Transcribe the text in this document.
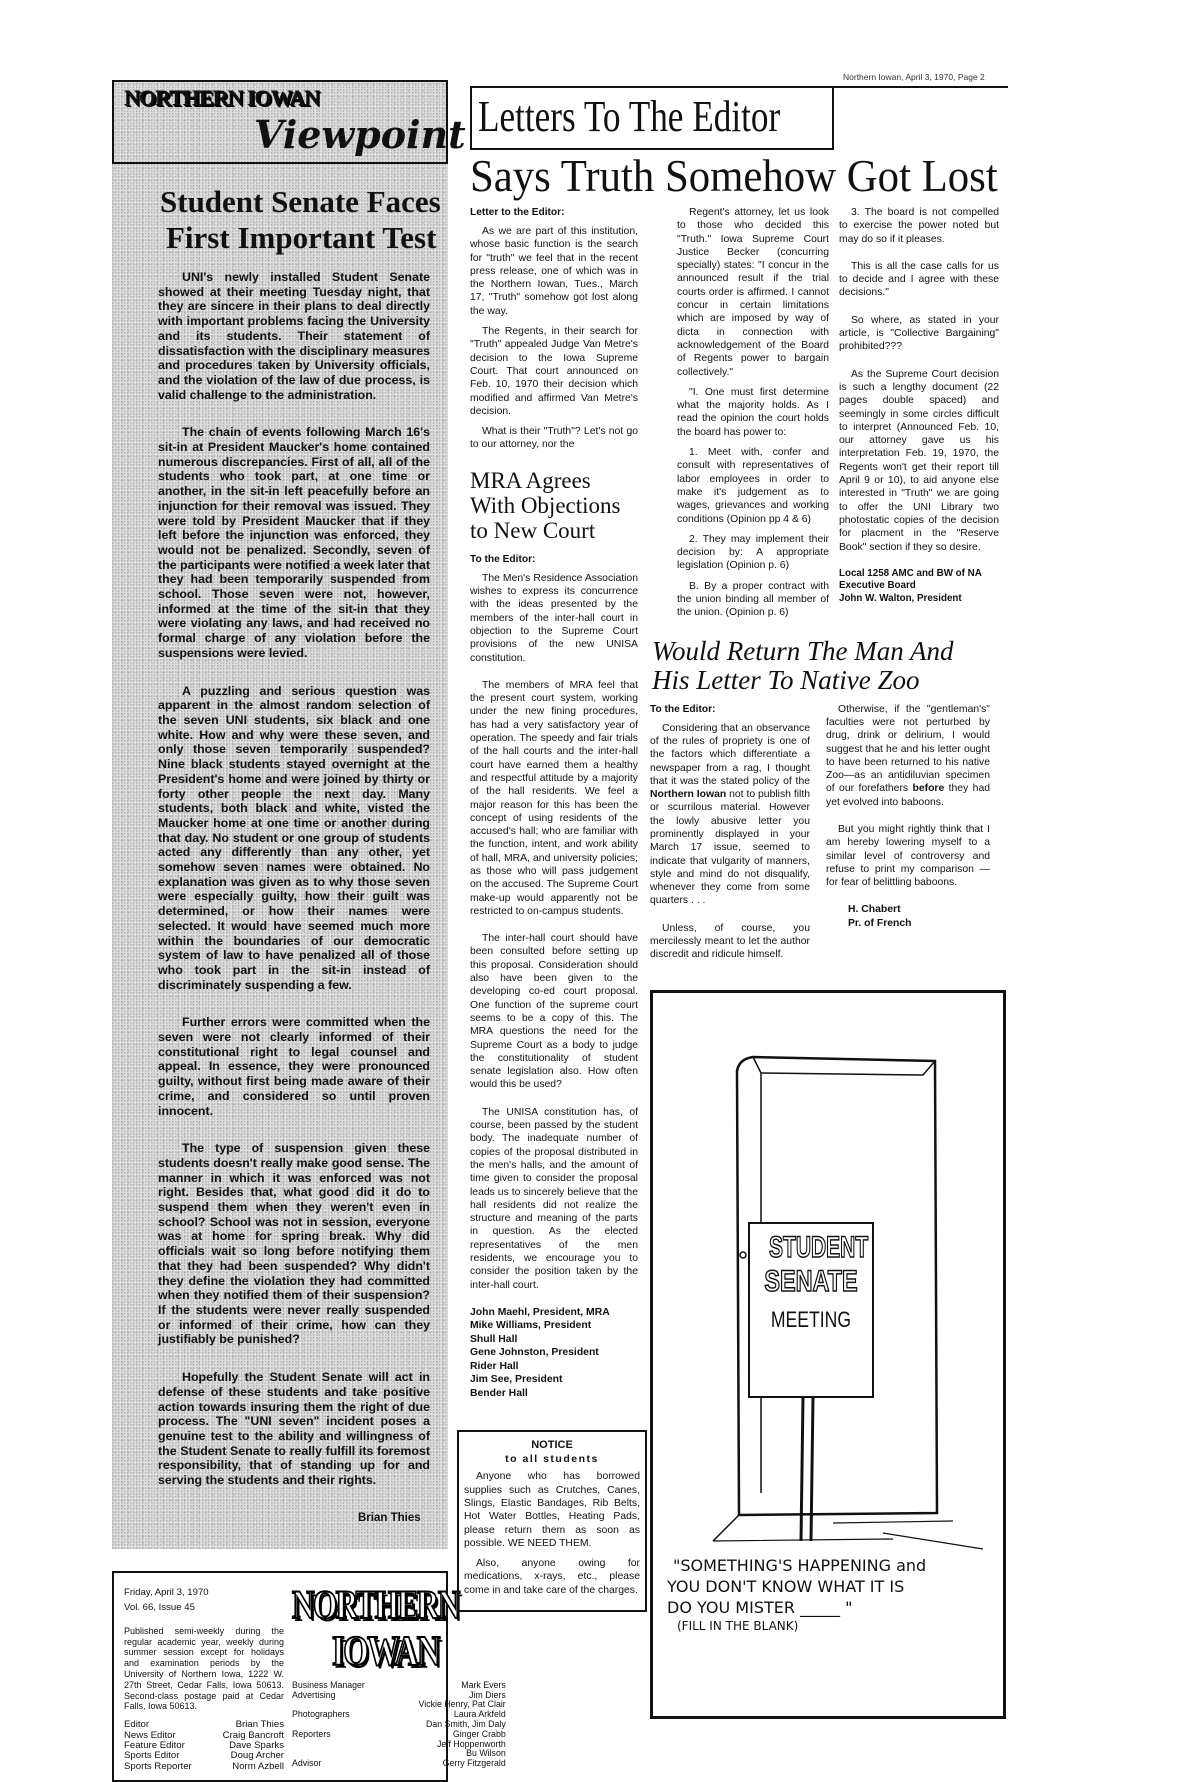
Northern Iowan, April 3, 1970, Page 2
NORTHERN IOWAN
Viewpoint
Student Senate Faces
First Important Test

UNI's newly installed Student Senate showed at their meeting Tuesday night, that they are sincere in their plans to deal directly with important problems facing the University and its students. Their statement of dissatisfaction with the disciplinary measures and procedures taken by University officials, and the violation of the law of due process, is valid challenge to the administration.

The chain of events following March 16's sit-in at President Maucker's home contained numerous discrepancies. First of all, all of the students who took part, at one time or another, in the sit-in left peacefully before an injunction for their removal was issued. They were told by President Maucker that if they left before the injunction was enforced, they would not be penalized. Secondly, seven of the participants were notified a week later that they had been temporarily suspended from school. Those seven were not, however, informed at the time of the sit-in that they were violating any laws, and had received no formal charge of any violation before the suspensions were levied.

A puzzling and serious question was apparent in the almost random selection of the seven UNI students, six black and one white. How and why were these seven, and only those seven temporarily suspended? Nine black students stayed overnight at the President's home and were joined by thirty or forty other people the next day. Many students, both black and white, visted the Maucker home at one time or another during that day. No student or one group of students acted any differently than any other, yet somehow seven names were obtained. No explanation was given as to why those seven were especially guilty, how their guilt was determined, or how their names were selected. It would have seemed much more within the boundaries of our democratic system of law to have penalized all of those who took part in the sit-in instead of discriminately suspending a few.

Further errors were committed when the seven were not clearly informed of their constitutional right to legal counsel and appeal. In essence, they were pronounced guilty, without first being made aware of their crime, and considered so until proven innocent.

The type of suspension given these students doesn't really make good sense. The manner in which it was enforced was not right. Besides that, what good did it do to suspend them when they weren't even in school? School was not in session, everyone was at home for spring break. Why did officials wait so long before notifying them that they had been suspended? Why didn't they define the violation they had committed when they notified them of their suspension? If the students were never really suspended or informed of their crime, how can they justifiably be punished?

Hopefully the Student Senate will act in defense of these students and take positive action towards insuring them the right of due process. The "UNI seven" incident poses a genuine test to the ability and willingness of the Student Senate to really fulfill its foremost responsibility, that of standing up for and serving the students and their rights.

Brian Thies
Friday, April 3, 1970
Vol. 66, Issue 45
Published semi-weekly during the regular academic year, weekly during summer session except for holidays and examination periods by the University of Northern Iowa, 1222 W. 27th Street, Cedar Falls, Iowa 50613. Second-class postage paid at Cedar Falls, Iowa 50613.
Editor	Brian Thies
News Editor	Craig Bancroft
Feature Editor	Dave Sparks
Sports Editor	Doug Archer
Sports Reporter	Norm Azbell
NORTHERN
IOWAN
Business Manager	Mark Evers
Advertising	Jim Diers
Vickie Henry, Pat Clair
Photographers	Laura Arkfeld
Dan Smith, Jim Daly
Reporters	Ginger Crabb
Jeff Hoppenworth
Bu Wilson
Advisor	Gerry Fitzgerald
Letters To The Editor
Says Truth Somehow Got Lost
Letter to the Editor:

As we are part of this institution, whose basic function is the search for "truth" we feel that in the recent press release, one of which was in the Northern Iowan, Tues., March 17, "Truth" somehow got lost along the way.

The Regents, in their search for "Truth" appealed Judge Van Metre's decision to the Iowa Supreme Court. That court announced on Feb. 10, 1970 their decision which modified and affirmed Van Metre's decision.

What is their "Truth"? Let's not go to our attorney, nor the

MRA Agrees With Objections to New Court
To the Editor:

The Men's Residence Association wishes to express its concurrence with the ideas presented by the members of the inter-hall court in objection to the Supreme Court provisions of the new UNISA constitution.

The members of MRA feel that the present court system, working under the new fining procedures, has had a very satisfactory year of operation. The speedy and fair trials of the hall courts and the inter-hall court have earned them a healthy and respectful attitude by a majority of the hall residents. We feel a major reason for this has been the concept of using residents of the accused's hall; who are familiar with the function, intent, and work ability of hall, MRA, and university policies; as those who will pass judgement on the accused. The Supreme Court make-up would apparently not be restricted to on-campus students.

The inter-hall court should have been consulted before setting up this proposal. Consideration should also have been given to the developing co-ed court proposal. One function of the supreme court seems to be a copy of this. The MRA questions the need for the Supreme Court as a body to judge the constitutionality of student senate legislation also. How often would this be used?

The UNISA constitution has, of course, been passed by the student body. The inadequate number of copies of the proposal distributed in the men's halls, and the amount of time given to consider the proposal leads us to sincerely believe that the hall residents did not realize the structure and meaning of the parts in question. As the elected representatives of the men residents, we encourage you to consider the position taken by the inter-hall court.

John Maehl, President, MRA
Mike Williams, President
Shull Hall
Gene Johnston, President
Rider Hall
Jim See, President
Bender Hall
NOTICE
to all students

Anyone who has borrowed supplies such as Crutches, Canes, Slings, Elastic Bandages, Rib Belts, Hot Water Bottles, Heating Pads, please return them as soon as possible. WE NEED THEM.

Also, anyone owing for medications, x-rays, etc., please come in and take care of the charges.

Regent's attorney, let us look to those who decided this "Truth." Iowa Supreme Court Justice Becker (concurring specially) states: "I concur in the announced result if the trial courts order is affirmed. I cannot concur in certain limitations which are imposed by way of dicta in connection with acknowledgement of the Board of Regents power to bargain collectively."

"I. One must first determine what the majority holds. As I read the opinion the court holds the board has power to:

1. Meet with, confer and consult with representatives of labor employees in order to make it's judgement as to wages, grievances and working conditions (Opinion pp 4 & 6)

2. They may implement their decision by: A appropriate legislation (Opinion p. 6)

B. By a proper contract with the union binding all member of the union. (Opinion p. 6)

3. The board is not compelled to exercise the power noted but may do so if it pleases.

This is all the case calls for us to decide and I agree with these decisions."

So where, as stated in your article, is "Collective Bargaining" prohibited???

As the Supreme Court decision is such a lengthy document (22 pages double spaced) and seemingly in some circles difficult to interpret (Announced Feb. 10, our attorney gave us his interpretation Feb. 19, 1970, the Regents won't get their report till April 9 or 10), to aid anyone else interested in "Truth" we are going to offer the UNI Library two photostatic copies of the decision for placment in the "Reserve Book" section if they so desire.

Local 1258 AMC and BW of NA
Executive Board
John W. Walton, President
Would Return The Man And
His Letter To Native Zoo
To the Editor:

Considering that an observance of the rules of propriety is one of the factors which differentiate a newspaper from a rag, I thought that it was the stated policy of the Northern Iowan not to publish filth or scurrilous material. However the lowly abusive letter you prominently displayed in your March 17 issue, seemed to indicate that vulgarity of manners, style and mind do not disqualify, whenever they come from some quarters . . .

Unless, of course, you mercilessly meant to let the author discredit and ridicule himself.

Otherwise, if the "gentleman's" faculties were not perturbed by drug, drink or delirium, I would suggest that he and his letter ought to have been returned to his native Zoo—as an antidiluvian specimen of our forefathers before they had yet evolved into baboons.

But you might rightly think that I am hereby lowering myself to a similar level of controversy and refuse to print my comparison — for fear of belittling baboons.

H. Chabert
Pr. of French
STUDENT
SENATE
MEETING
"SOMETHING'S HAPPENING and
YOU DON'T KNOW WHAT IT IS
DO YOU MISTER _____ "
(FILL IN THE BLANK)
